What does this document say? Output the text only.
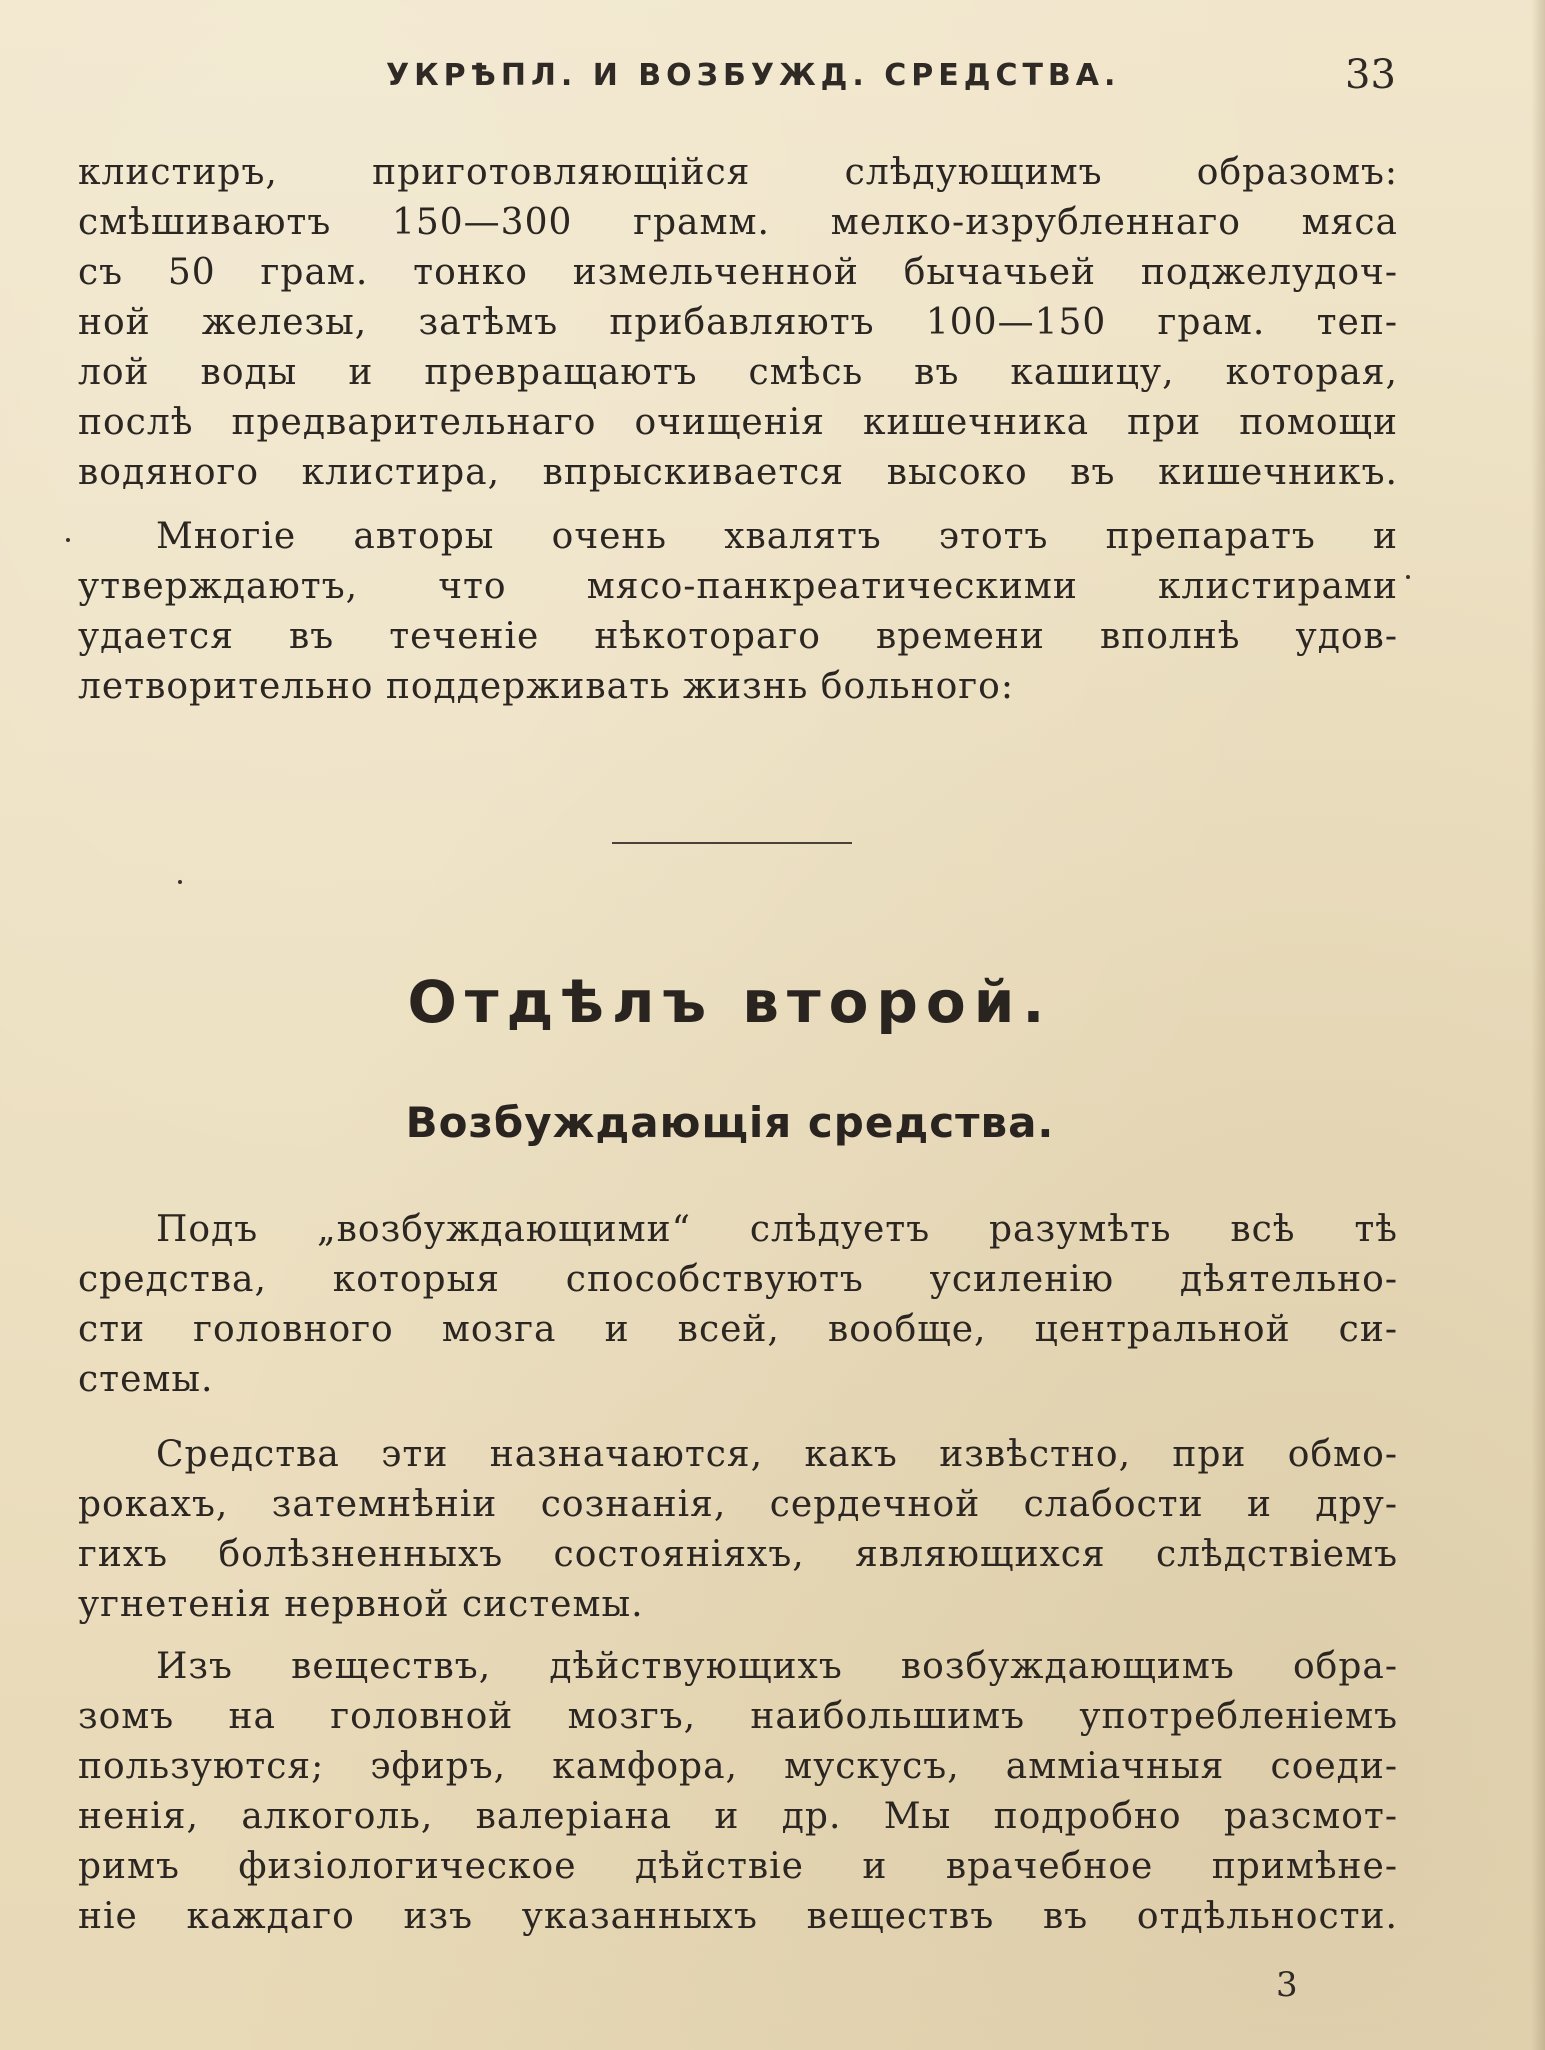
УКРѢПЛ. И ВОЗБУЖД. СРЕДСТВА.	33
клистиръ, приготовляющійся слѣдующимъ образомъ:
смѣшиваютъ 150—300 грамм. мелко-изрубленнаго мяса
съ 50 грам. тонко измельченной бычачьей поджелудоч-
ной железы, затѣмъ прибавляютъ 100—150 грам. теп-
лой воды и превращаютъ смѣсь въ кашицу, которая,
послѣ предварительнаго очищенія кишечника при помощи
водяного клистира, впрыскивается высоко въ кишечникъ.
Многіе авторы очень хвалятъ этотъ препаратъ и
утверждаютъ, что мясо-панкреатическими клистирами
удается въ теченіе нѣкотораго времени вполнѣ удов-
летворительно поддерживать жизнь больного:
Отдѣлъ второй.
Возбуждающія средства.
Подъ „возбуждающими“ слѣдуетъ разумѣть всѣ тѣ
средства, которыя способствуютъ усиленію дѣятельно-
сти головного мозга и всей, вообще, центральной си-
стемы.
Средства эти назначаются, какъ извѣстно, при обмо-
рокахъ, затемнѣніи сознанія, сердечной слабости и дру-
гихъ болѣзненныхъ состояніяхъ, являющихся слѣдствіемъ
угнетенія нервной системы.
Изъ веществъ, дѣйствующихъ возбуждающимъ обра-
зомъ на головной мозгъ, наибольшимъ употребленіемъ
пользуются; эфиръ, камфора, мускусъ, аммiачныя соеди-
ненія, алкоголь, валеріана и др. Мы подробно разсмот-
римъ физіологическое дѣйствіе и врачебное примѣне-
ніе каждаго изъ указанныхъ веществъ въ отдѣльности.
3
